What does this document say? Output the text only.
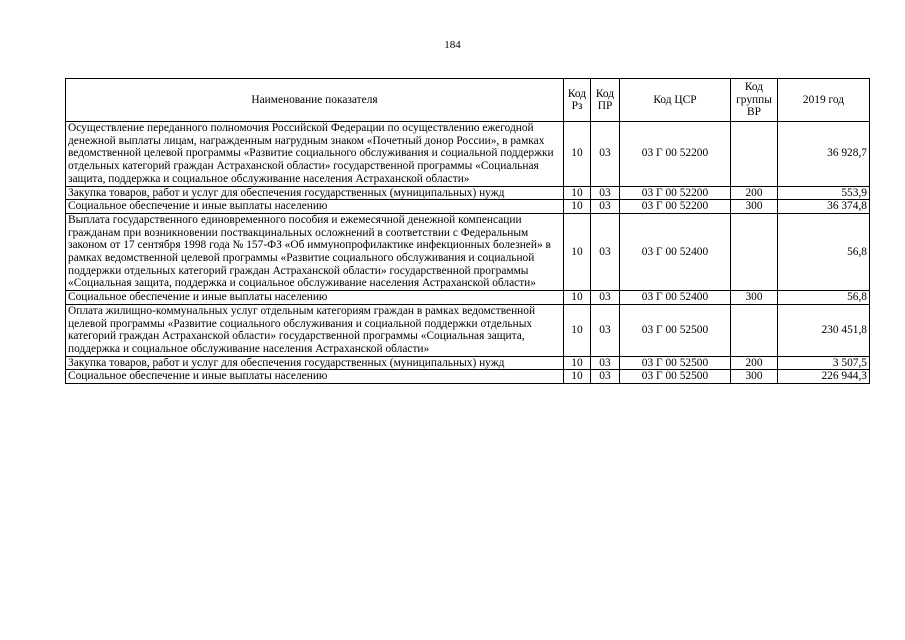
184
Наименование показателя	Код Рз	Код ПР	Код ЦСР	Код группы ВР	2019 год
Осуществление переданного полномочия Российской Федерации по осуществлению ежегодной денежной выплаты лицам, награжденным нагрудным знаком «Почетный донор России», в рамках ведомственной целевой программы «Развитие социального обслуживания и социальной поддержки отдельных категорий граждан Астраханской области» государственной программы «Социальная защита, поддержка и социальное обслуживание населения Астраханской области»	10	03	03 Г 00 52200		36 928,7
Закупка товаров, работ и услуг для обеспечения государственных (муниципальных) нужд	10	03	03 Г 00 52200	200	553,9
Социальное обеспечение и иные выплаты населению	10	03	03 Г 00 52200	300	36 374,8
Выплата государственного единовременного пособия и ежемесячной денежной компенсации гражданам при возникновении поствакцинальных осложнений в соответствии с Федеральным законом от 17 сентября 1998 года № 157-ФЗ «Об иммунопрофилактике инфекционных болезней» в рамках ведомственной целевой программы «Развитие социального обслуживания и социальной поддержки отдельных категорий граждан Астраханской области» государственной программы «Социальная защита, поддержка и социальное обслуживание населения Астраханской области»	10	03	03 Г 00 52400		56,8
Социальное обеспечение и иные выплаты населению	10	03	03 Г 00 52400	300	56,8
Оплата жилищно-коммунальных услуг отдельным категориям граждан в рамках ведомственной целевой программы «Развитие социального обслуживания и социальной поддержки отдельных категорий граждан Астраханской области» государственной программы «Социальная защита, поддержка и социальное обслуживание населения Астраханской области»	10	03	03 Г 00 52500		230 451,8
Закупка товаров, работ и услуг для обеспечения государственных (муниципальных) нужд	10	03	03 Г 00 52500	200	3 507,5
Социальное обеспечение и иные выплаты населению	10	03	03 Г 00 52500	300	226 944,3
